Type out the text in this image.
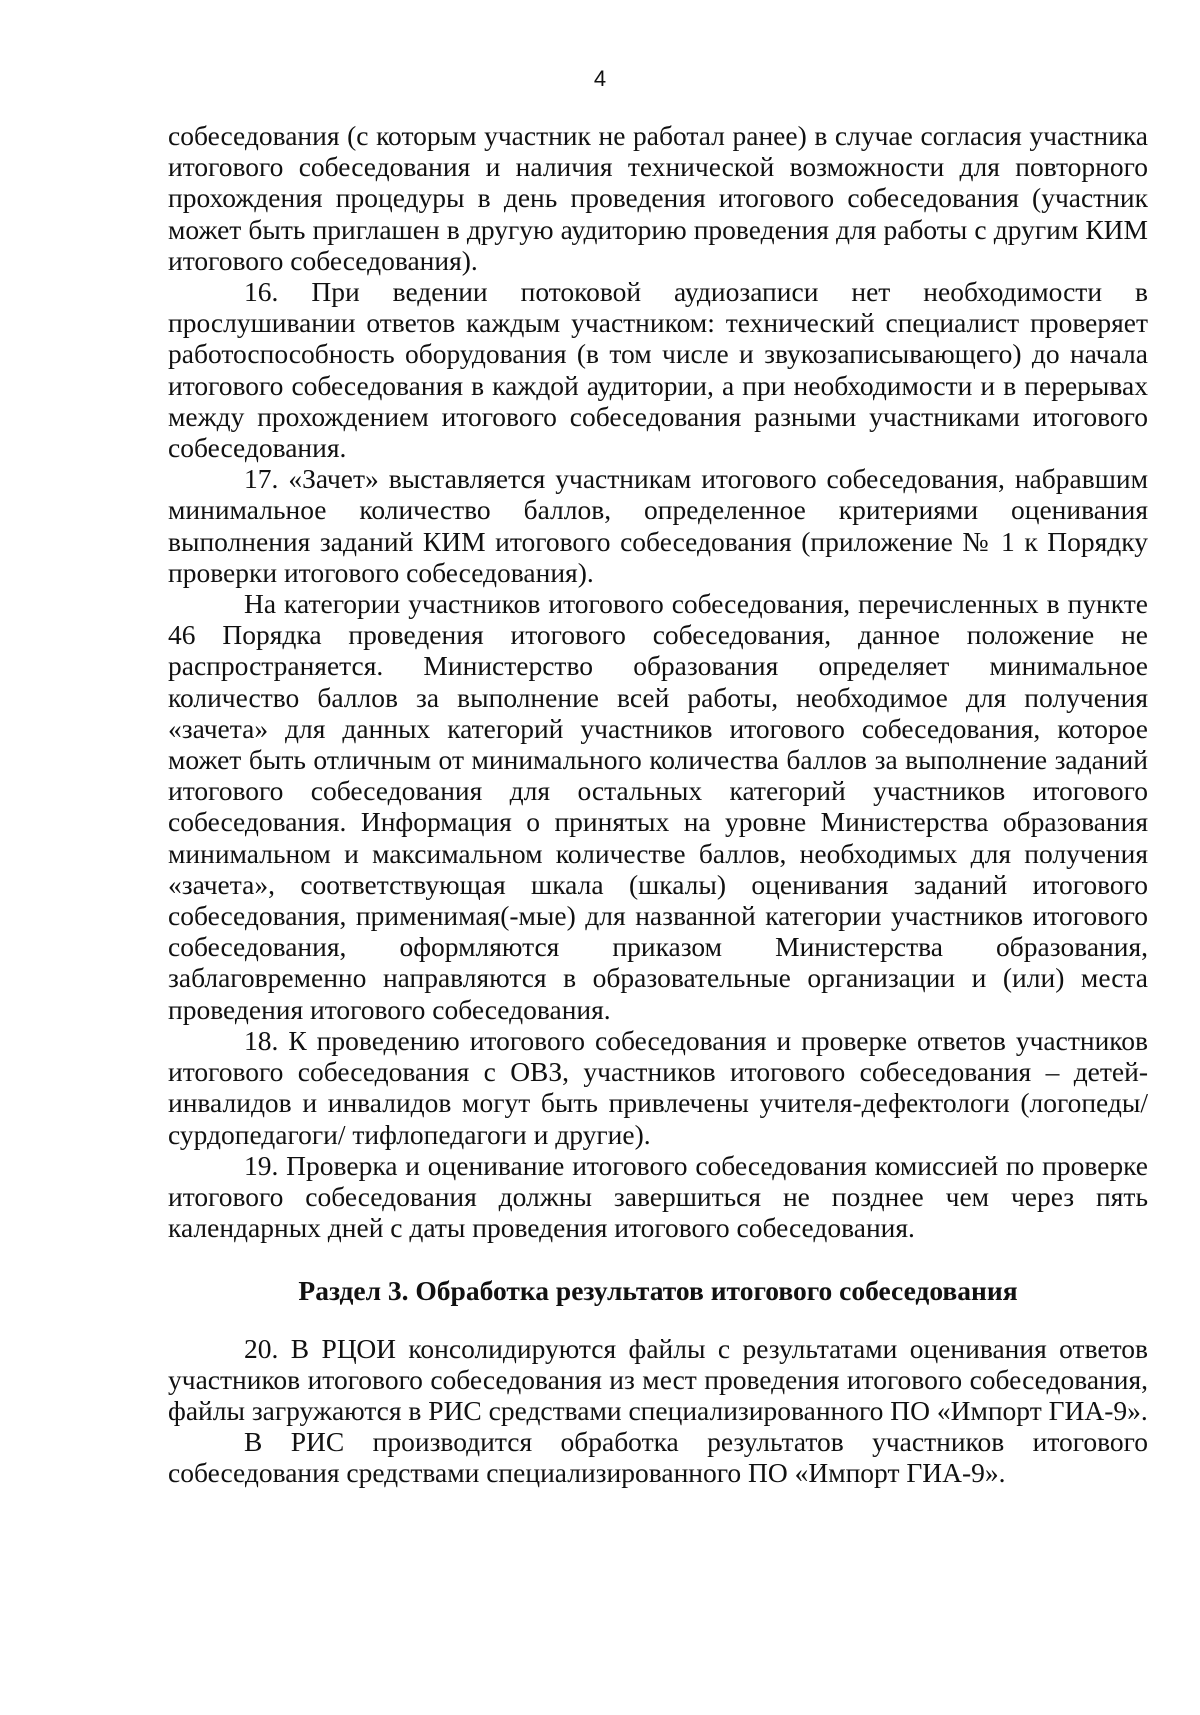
4

собеседования (с которым участник не работал ранее) в случае согласия участника итогового собеседования и наличия технической возможности для повторного прохождения процедуры в день проведения итогового собеседования (участник может быть приглашен в другую аудиторию проведения для работы с другим КИМ итогового собеседования).

16. При ведении потоковой аудиозаписи нет необходимости в прослушивании ответов каждым участником: технический специалист проверяет работоспособность оборудования (в том числе и звукозаписывающего) до начала итогового собеседования в каждой аудитории, а при необходимости и в перерывах между прохождением итогового собеседования разными участниками итогового собеседования.

17. «Зачет» выставляется участникам итогового собеседования, набравшим минимальное количество баллов, определенное критериями оценивания выполнения заданий КИМ итогового собеседования (приложение № 1 к Порядку проверки итогового собеседования).

На категории участников итогового собеседования, перечисленных в пункте 46 Порядка проведения итогового собеседования, данное положение не распространяется. Министерство образования определяет минимальное количество баллов за выполнение всей работы, необходимое для получения «зачета» для данных категорий участников итогового собеседования, которое может быть отличным от минимального количества баллов за выполнение заданий итогового собеседования для остальных категорий участников итогового собеседования. Информация о принятых на уровне Министерства образования минимальном и максимальном количестве баллов, необходимых для получения «зачета», соответствующая шкала (шкалы) оценивания заданий итогового собеседования, применимая(-мые) для названной категории участников итогового собеседования, оформляются приказом Министерства образования, заблаговременно направляются в образовательные организации и (или) места проведения итогового собеседования.

18. К проведению итогового собеседования и проверке ответов участников итогового собеседования с ОВЗ, участников итогового собеседования – детей-инвалидов и инвалидов могут быть привлечены учителя-дефектологи (логопеды/сурдопедагоги/ тифлопедагоги и другие).

19. Проверка и оценивание итогового собеседования комиссией по проверке итогового собеседования должны завершиться не позднее чем через пять календарных дней с даты проведения итогового собеседования.

Раздел 3. Обработка результатов итогового собеседования

20. В РЦОИ консолидируются файлы с результатами оценивания ответов участников итогового собеседования из мест проведения итогового собеседования, файлы загружаются в РИС средствами специализированного ПО «Импорт ГИА-9».

В РИС производится обработка результатов участников итогового собеседования средствами специализированного ПО «Импорт ГИА-9».
